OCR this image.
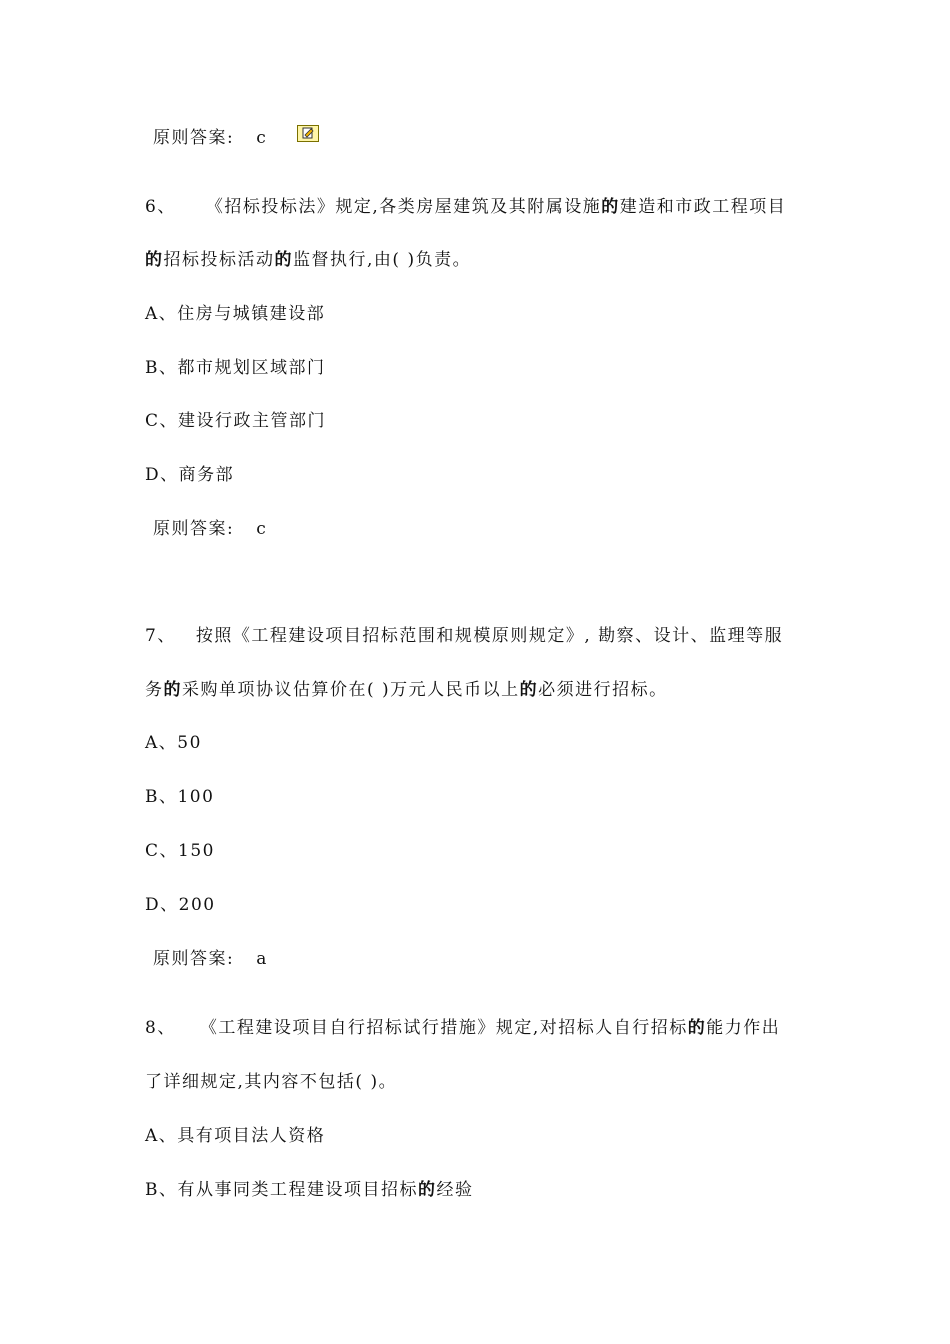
原则答案: c
6、 《招标投标法》规定,各类房屋建筑及其附属设施的建造和市政工程项目
的招标投标活动的监督执行,由( )负责。
A、住房与城镇建设部
B、都市规划区域部门
C、建设行政主管部门
D、商务部
原则答案: c
7、 按照《工程建设项目招标范围和规模原则规定》, 勘察、设计、监理等服
务的采购单项协议估算价在( )万元人民币以上的必须进行招标。
A、50
B、100
C、150
D、200
原则答案: a
8、 《工程建设项目自行招标试行措施》规定,对招标人自行招标的能力作出
了详细规定,其内容不包括( )。
A、具有项目法人资格
B、有从事同类工程建设项目招标的经验
